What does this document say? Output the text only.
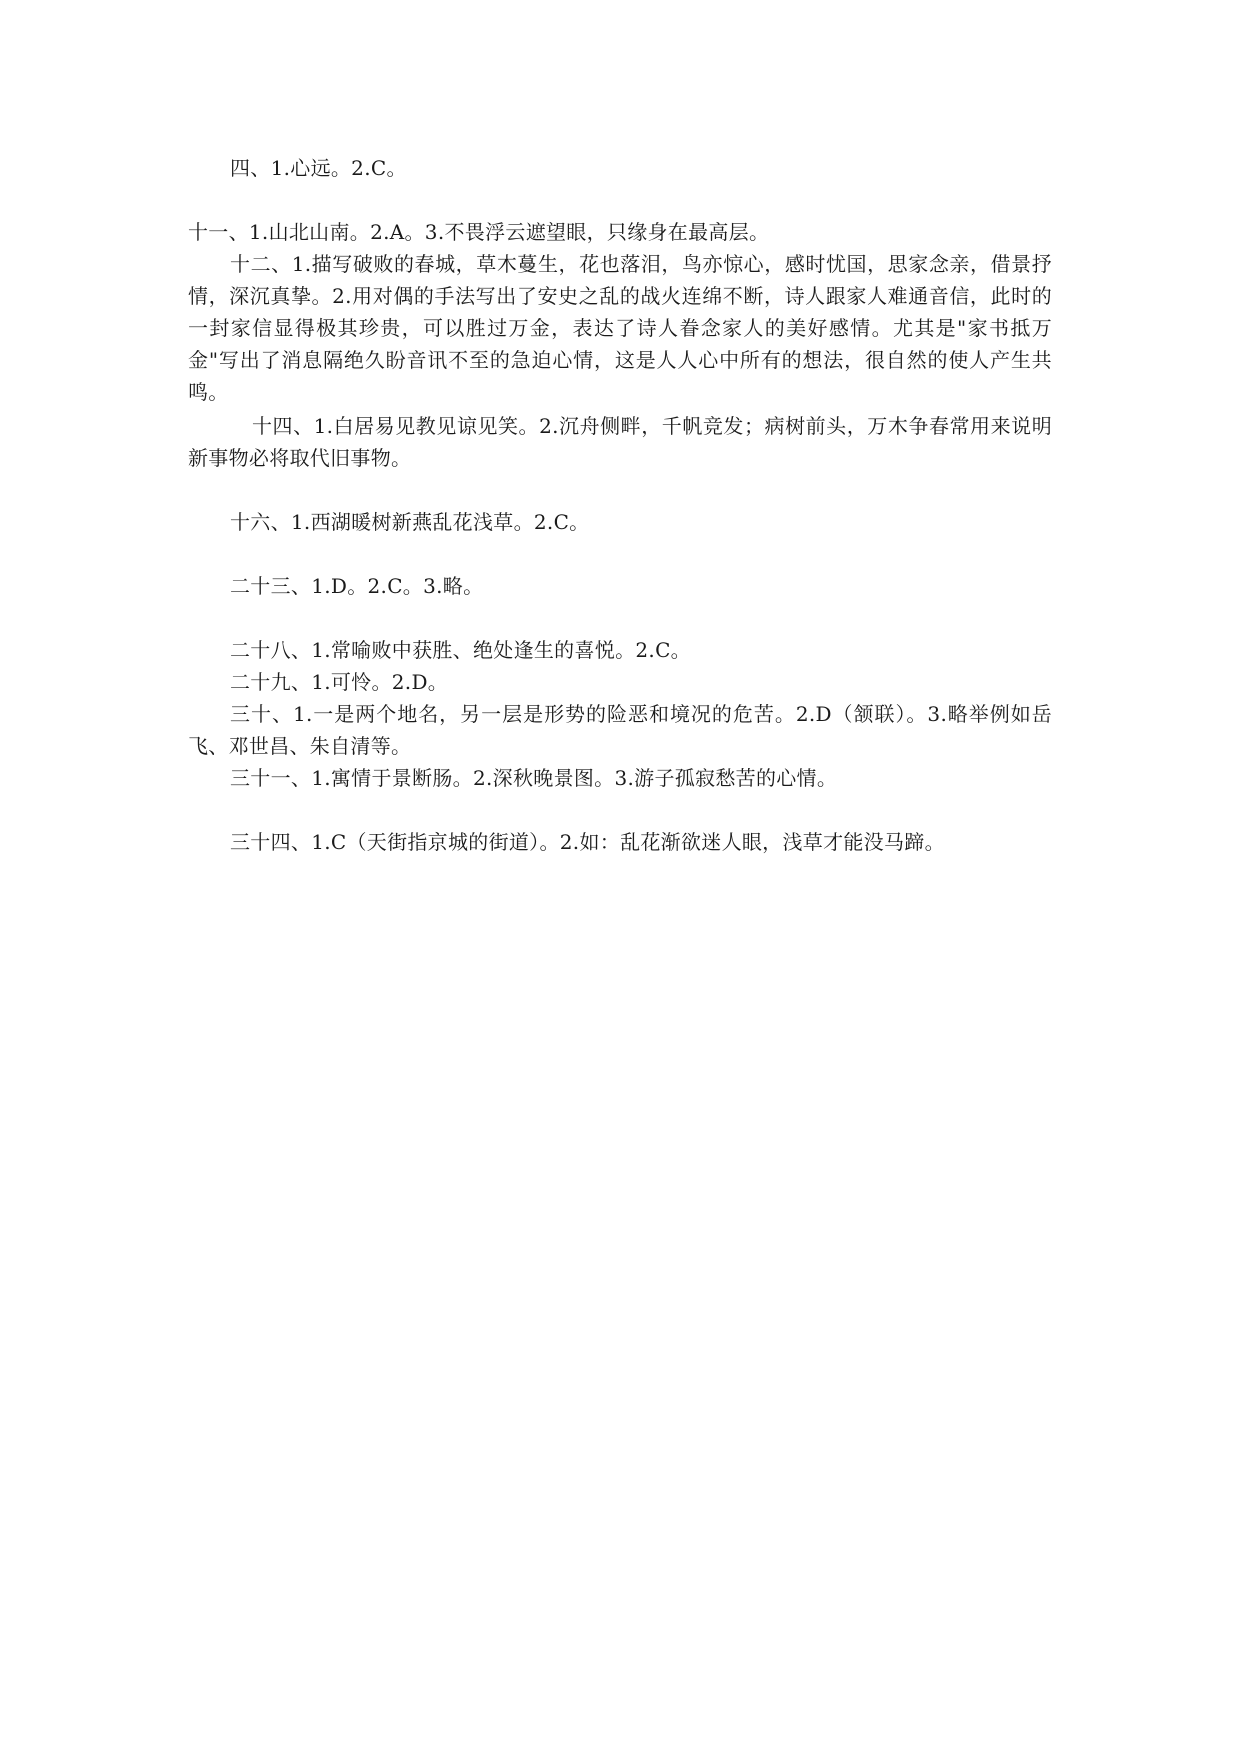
四、1.心远。2.C。

十一、1.山北山南。2.A。3.不畏浮云遮望眼，只缘身在最高层。

十二、1.描写破败的春城，草木蔓生，花也落泪，鸟亦惊心，感时忧国，思家念亲，借景抒情，深沉真挚。2.用对偶的手法写出了安史之乱的战火连绵不断，诗人跟家人难通音信，此时的一封家信显得极其珍贵，可以胜过万金，表达了诗人眷念家人的美好感情。尤其是"家书抵万金"写出了消息隔绝久盼音讯不至的急迫心情，这是人人心中所有的想法，很自然的使人产生共鸣。

十四、1.白居易见教见谅见笑。2.沉舟侧畔，千帆竞发；病树前头，万木争春常用来说明新事物必将取代旧事物。

十六、1.西湖暖树新燕乱花浅草。2.C。

二十三、1.D。2.C。3.略。

二十八、1.常喻败中获胜、绝处逢生的喜悦。2.C。

二十九、1.可怜。2.D。

三十、1.一是两个地名，另一层是形势的险恶和境况的危苦。2.D（颔联）。3.略举例如岳飞、邓世昌、朱自清等。

三十一、1.寓情于景断肠。2.深秋晚景图。3.游子孤寂愁苦的心情。

三十四、1.C（天街指京城的街道）。2.如：乱花渐欲迷人眼，浅草才能没马蹄。
